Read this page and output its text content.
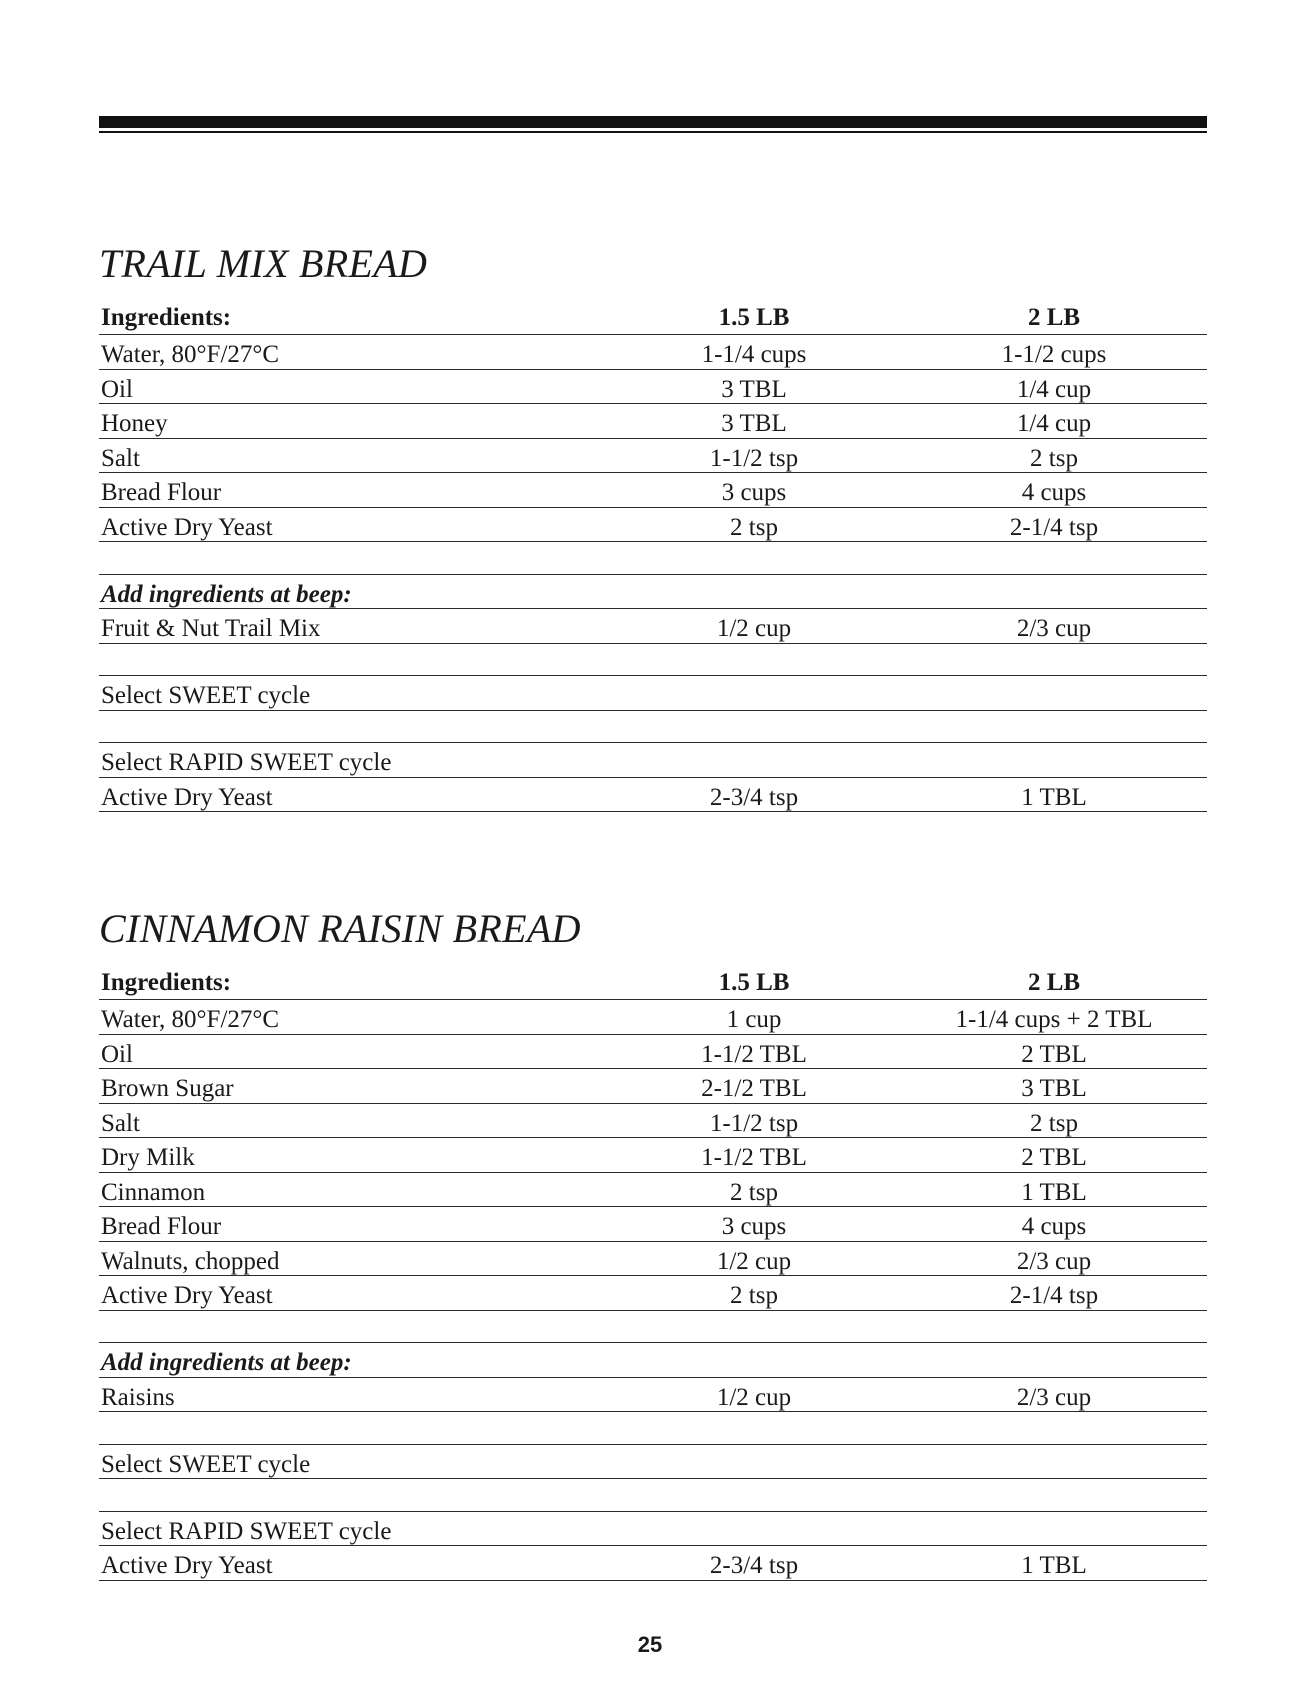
TRAIL MIX BREAD
Ingredients:	1.5 LB	2 LB
Water, 80°F/27°C	1-1/4 cups	1-1/2 cups
Oil	3 TBL	1/4 cup
Honey	3 TBL	1/4 cup
Salt	1-1/2 tsp	2 tsp
Bread Flour	3 cups	4 cups
Active Dry Yeast	2 tsp	2-1/4 tsp
Add ingredients at beep:
Fruit & Nut Trail Mix	1/2 cup	2/3 cup
Select SWEET cycle
Select RAPID SWEET cycle
Active Dry Yeast	2-3/4 tsp	1 TBL
CINNAMON RAISIN BREAD
Ingredients:	1.5 LB	2 LB
Water, 80°F/27°C	1 cup	1-1/4 cups + 2 TBL
Oil	1-1/2 TBL	2 TBL
Brown Sugar	2-1/2 TBL	3 TBL
Salt	1-1/2 tsp	2 tsp
Dry Milk	1-1/2 TBL	2 TBL
Cinnamon	2 tsp	1 TBL
Bread Flour	3 cups	4 cups
Walnuts, chopped	1/2 cup	2/3 cup
Active Dry Yeast	2 tsp	2-1/4 tsp
Add ingredients at beep:
Raisins	1/2 cup	2/3 cup
Select SWEET cycle
Select RAPID SWEET cycle
Active Dry Yeast	2-3/4 tsp	1 TBL
25
